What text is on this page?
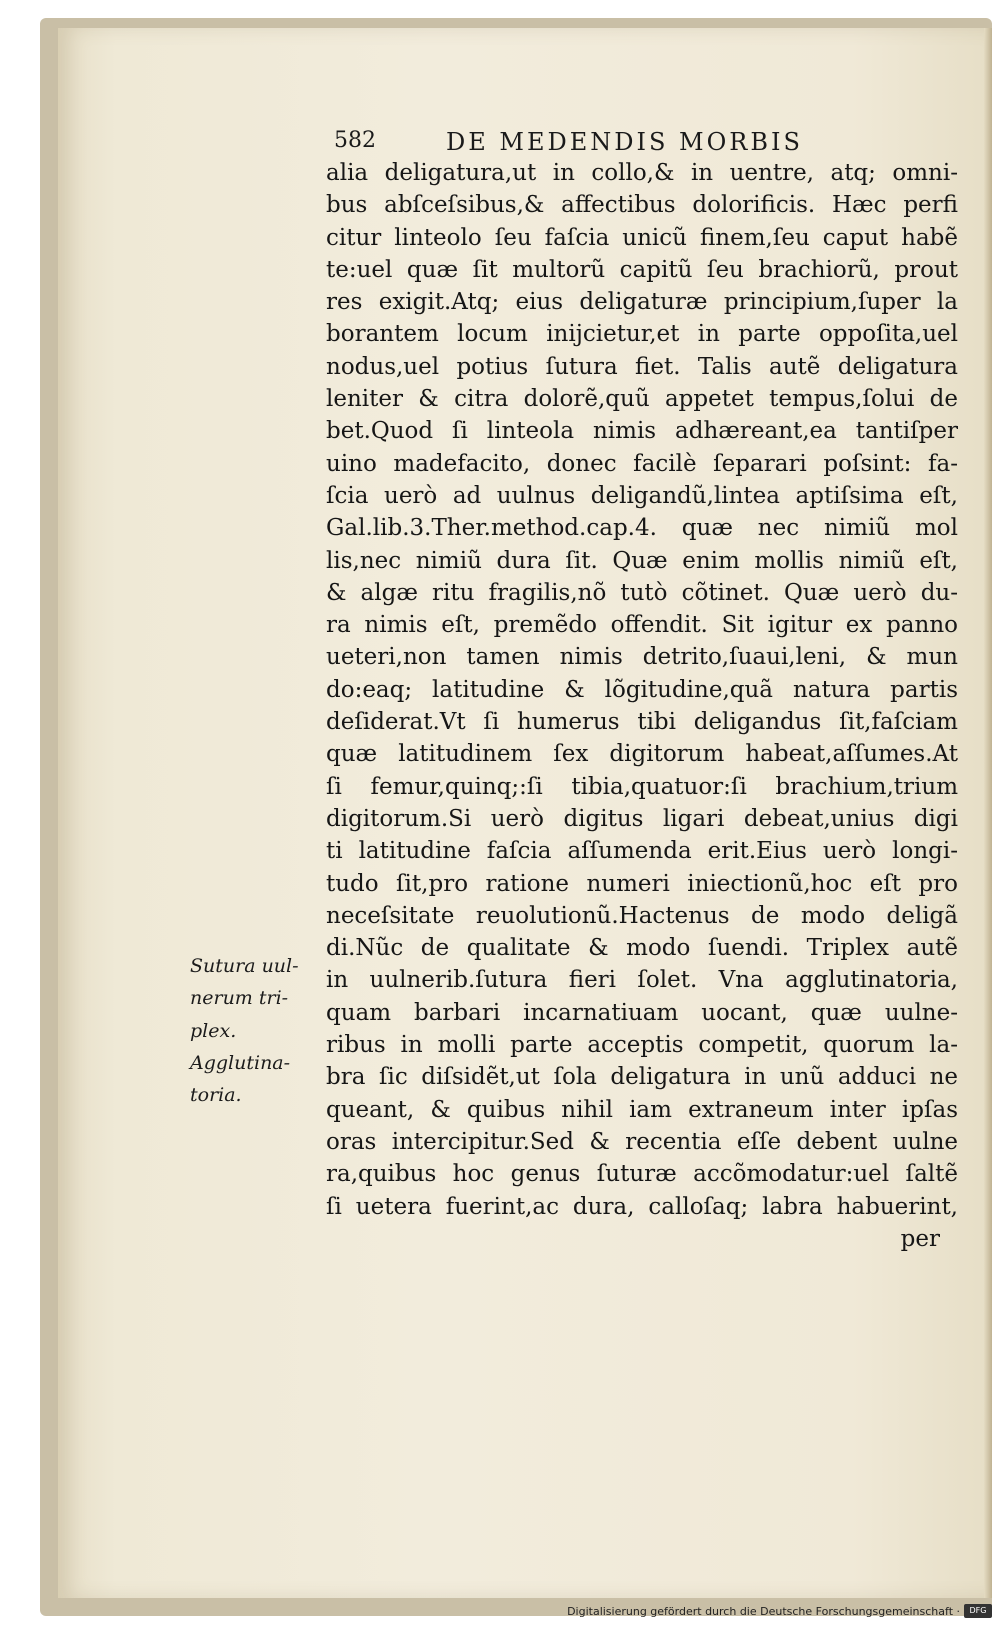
582	DE MEDENDIS MORBIS
alia deligatura,ut in collo,& in uentre, atq; omni-
bus abſceſsibus,& affectibus dolorificis. Hæc perfi
citur linteolo ſeu faſcia unicũ finem,ſeu caput habẽ
te:uel quæ ſit multorũ capitũ ſeu brachiorũ, prout
res exigit.Atq; eius deligaturæ principium,ſuper la
borantem locum inijcietur,et in parte oppoſita,uel
nodus,uel potius ſutura fiet. Talis autẽ deligatura
leniter & citra dolorẽ,quũ appetet tempus,ſolui de
bet.Quod ſi linteola nimis adhæreant,ea tantiſper
uino madefacito, donec facilè ſeparari poſsint: fa-
ſcia uerò ad uulnus deligandũ,lintea aptiſsima eſt,
Gal.lib.3.Ther.method.cap.4. quæ nec nimiũ mol
lis,nec nimiũ dura ſit. Quæ enim mollis nimiũ eſt,
& algæ ritu fragilis,nõ tutò cõtinet. Quæ uerò du-
ra nimis eſt, premẽdo offendit. Sit igitur ex panno
ueteri,non tamen nimis detrito,ſuaui,leni, & mun
do:eaq; latitudine & lõgitudine,quã natura partis
deſiderat.Vt ſi humerus tibi deligandus ſit,faſciam
quæ latitudinem ſex digitorum habeat,aſſumes.At
ſi femur,quinq;:ſi tibia,quatuor:ſi brachium,trium
digitorum.Si uerò digitus ligari debeat,unius digi
ti latitudine faſcia aſſumenda erit.Eius uerò longi-
tudo ſit,pro ratione numeri iniectionũ,hoc eſt pro
neceſsitate reuolutionũ.Hactenus de modo deligã
di.Nũc de qualitate & modo ſuendi. Triplex autẽ
in uulnerib.ſutura fieri ſolet. Vna agglutinatoria,
quam barbari incarnatiuam uocant, quæ uulne-
ribus in molli parte acceptis competit, quorum la-
bra ſic diſsidẽt,ut ſola deligatura in unũ adduci ne
queant, & quibus nihil iam extraneum inter ipſas
oras intercipitur.Sed & recentia eſſe debent uulne
ra,quibus hoc genus ſuturæ accõmodatur:uel ſaltẽ
ſi uetera fuerint,ac dura, calloſaq; labra habuerint,
per
Sutura uul-
nerum tri-
plex.
Agglutina-
toria.
Digitalisierung gefördert durch die Deutsche Forschungsgemeinschaft ·	DFG
